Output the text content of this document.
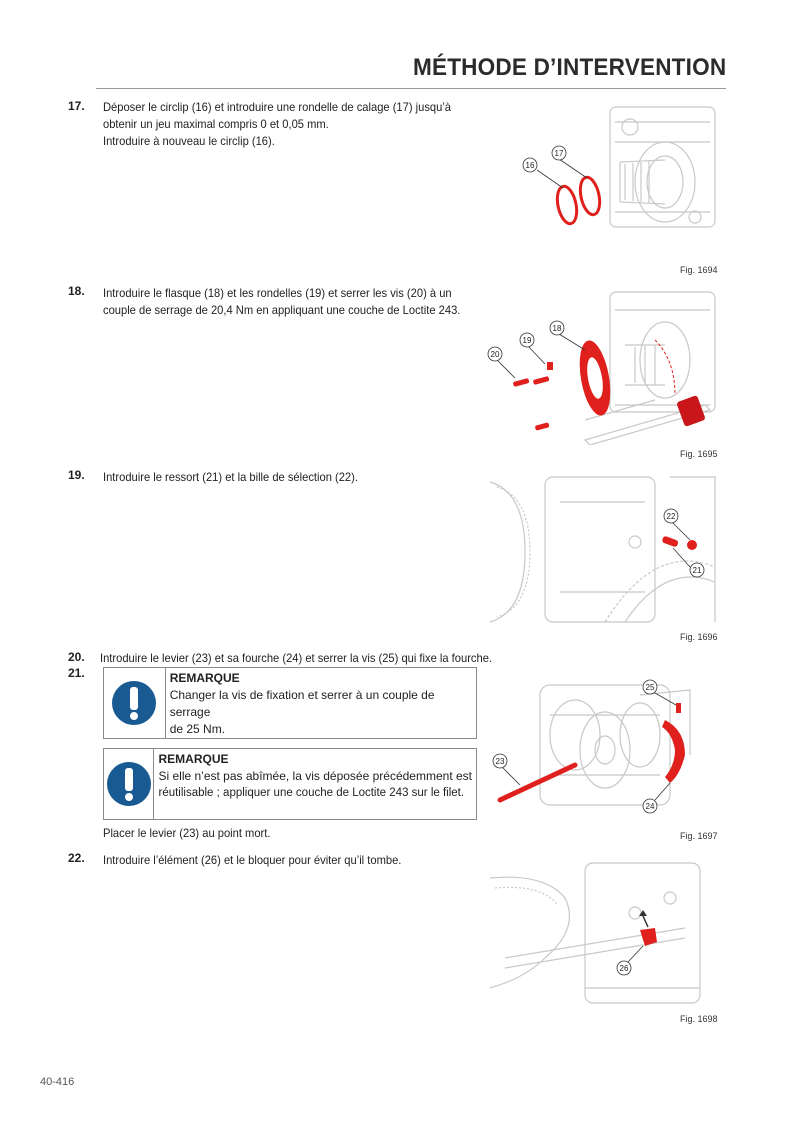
MÉTHODE D’INTERVENTION
17. Déposer le circlip (16) et introduire une rondelle de calage (17) jusqu’à
obtenir un jeu maximal compris 0 et 0,05 mm.
Introduire à nouveau le circlip (16).
16
17
Fig. 1694
18. Introduire le flasque (18) et les rondelles (19) et serrer les vis (20) à un
couple de serrage de 20,4 Nm en appliquant une couche de Loctite 243.
20
19
18
Fig. 1695
19. Introduire le ressort (21) et la bille de sélection (22).
22
21
Fig. 1696
20. Introduire le levier (23) et sa fourche (24) et serrer la vis (25) qui fixe la fourche.
21.	REMARQUE
Changer la vis de fixation et serrer à un couple de serrage
de 25 Nm.
REMARQUE
Si elle n’est pas abîmée, la vis déposée précédemment est
réutilisable ; appliquer une couche de Loctite 243 sur le filet.
Placer le levier (23) au point mort.
23
25
24
Fig. 1697
22. Introduire l’élément (26) et le bloquer pour éviter qu’il tombe.
26
Fig. 1698
40-416
